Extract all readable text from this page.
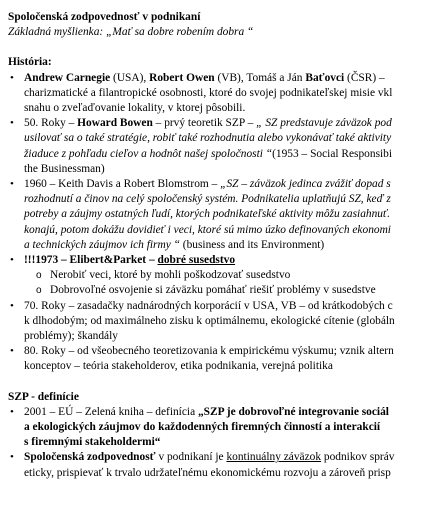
Spoločenská zodpovednosť v podnikaní
Základná myšlienka: „Mať sa dobre robením dobra “
História:
• Andrew Carnegie (USA), Robert Owen (VB), Tomáš a Ján Baťovci (ČSR) –
charizmatické a filantropické osobnosti, ktoré do svojej podnikateľskej misie vkl
snahu o zveľaďovanie lokality, v ktorej pôsobili.
• 50. Roky – Howard Bowen – prvý teoretik SZP – „ SZ predstavuje záväzok pod
usilovať sa o také stratégie, robiť také rozhodnutia alebo vykonávať také aktivity
žiaduce z pohľadu cieľov a hodnôt našej spoločnosti “(1953 – Social Responsibi
the Businessman)
• 1960 – Keith Davis a Robert Blomstrom – „SZ – záväzok jedinca zvážiť dopad s
rozhodnutí a činov na celý spoločenský systém. Podnikatelia uplatňujú SZ, keď z
potreby a záujmy ostatných ľudí, ktorých podnikateľské aktivity môžu zasiahnuť.
konajú, potom dokážu dovidieť i veci, ktoré sú mimo úzko definovaných ekonomi
a technických záujmov ich firmy “ (business and its Environment)
• !!!1973 – Elibert&Parket – dobré susedstvo
o Nerobiť veci, ktoré by mohli poškodzovať susedstvo
o Dobrovoľné osvojenie si záväzku pomáhať riešiť problémy v susedstve
• 70. Roky – zasadačky nadnárodných korporácií v USA, VB – od krátkodobých c
k dlhodobým; od maximálneho zisku k optimálnemu, ekologické cítenie (globáln
problémy); škandály
• 80. Roky – od všeobecného teoretizovania k empirickému výskumu; vznik altern
konceptov – teória stakeholderov, etika podnikania, verejná politika
SZP - definície
• 2001 – EÚ – Zelená kniha – definícia „SZP je dobrovoľné integrovanie sociál
a ekologických záujmov do každodenných firemných činností a interakcií
s firemnými stakeholdermi“
• Spoločenská zodpovednosť v podnikaní je kontinuálny záväzok podnikov správ
eticky, prispievať k trvalo udržateľnému ekonomickému rozvoju a zároveň prisp
